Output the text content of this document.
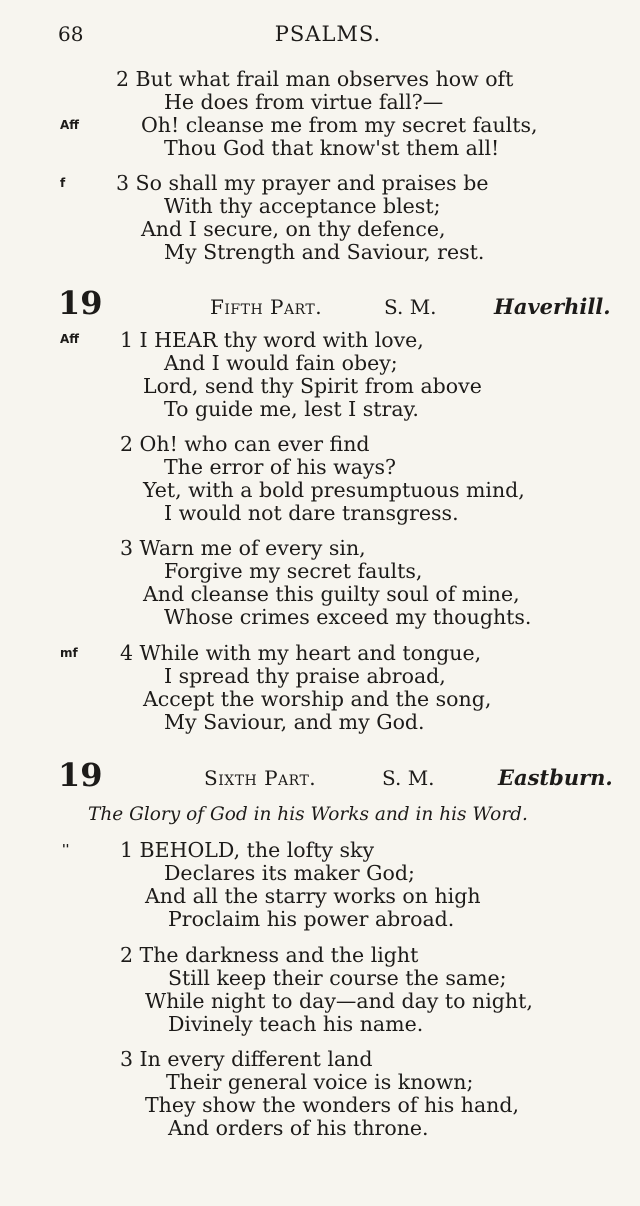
68	PSALMS.
2 But what frail man observes how oft
He does from virtue fall?—
Aff	Oh! cleanse me from my secret faults,
Thou God that know'st them all!
f 3 So shall my prayer and praises be
With thy acceptance blest;
And I secure, on thy defence,
My Strength and Saviour, rest.
19	Fifth Part.	S. M.	Haverhill.
Aff 1 I HEAR thy word with love,
And I would fain obey;
Lord, send thy Spirit from above
To guide me, lest I stray.
2 Oh! who can ever find
The error of his ways?
Yet, with a bold presumptuous mind,
I would not dare transgress.
3 Warn me of every sin,
Forgive my secret faults,
And cleanse this guilty soul of mine,
Whose crimes exceed my thoughts.
mf 4 While with my heart and tongue,
I spread thy praise abroad,
Accept the worship and the song,
My Saviour, and my God.
19	Sixth Part.	S. M.	Eastburn.
The Glory of God in his Works and in his Word.
'' 1 BEHOLD, the lofty sky
Declares its maker God;
And all the starry works on high
Proclaim his power abroad.
2 The darkness and the light
Still keep their course the same;
While night to day—and day to night,
Divinely teach his name.
3 In every different land
Their general voice is known;
They show the wonders of his hand,
And orders of his throne.
